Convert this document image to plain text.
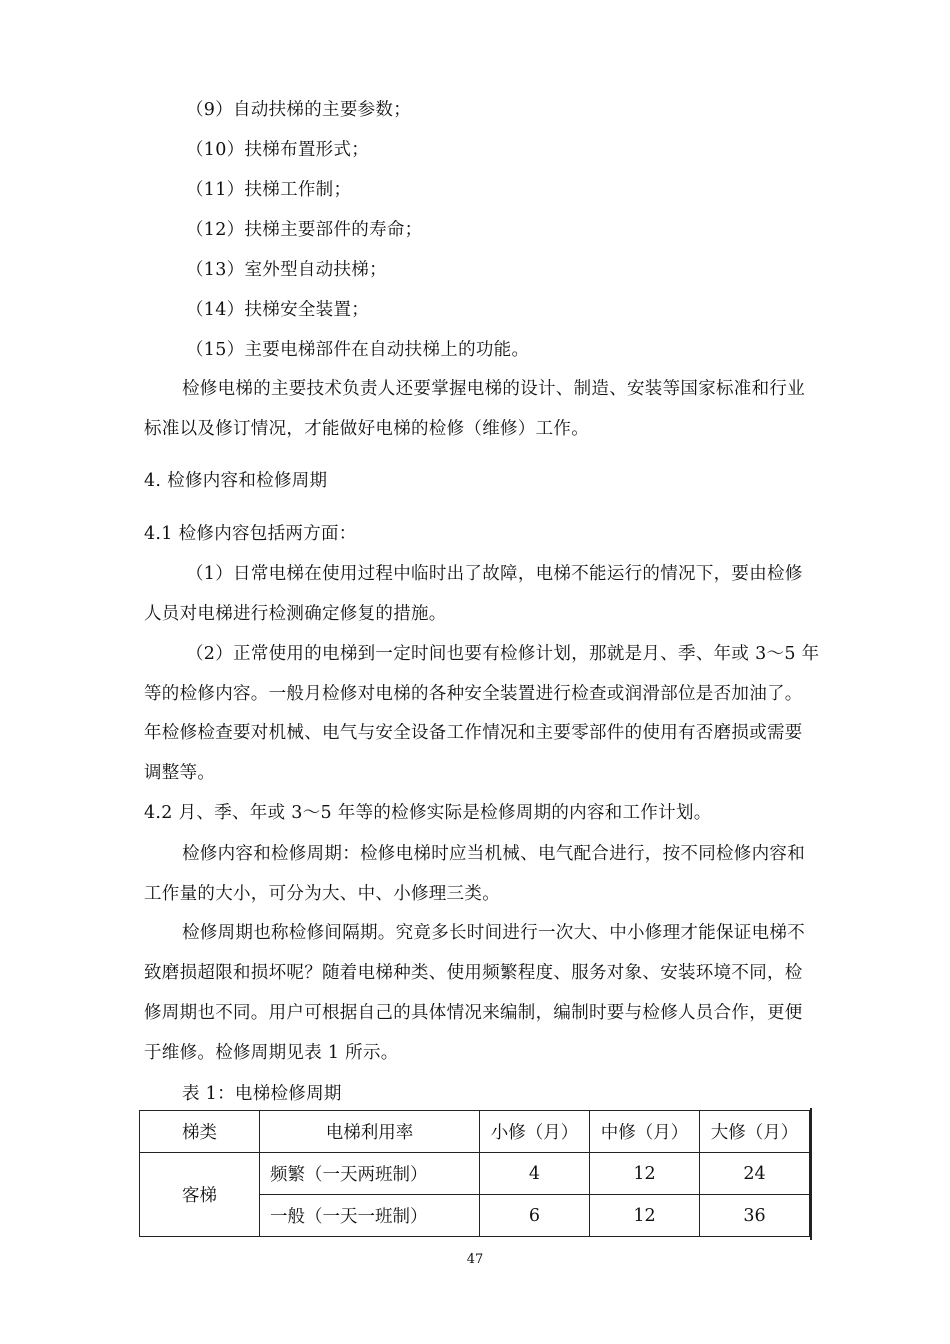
（9）自动扶梯的主要参数；
（10）扶梯布置形式；
（11）扶梯工作制；
（12）扶梯主要部件的寿命；
（13）室外型自动扶梯；
（14）扶梯安全装置；
（15）主要电梯部件在自动扶梯上的功能。
检修电梯的主要技术负责人还要掌握电梯的设计、制造、安装等国家标准和行业
标准以及修订情况，才能做好电梯的检修（维修）工作。
4. 检修内容和检修周期
4.1 检修内容包括两方面：
（1）日常电梯在使用过程中临时出了故障，电梯不能运行的情况下，要由检修
人员对电梯进行检测确定修复的措施。
（2）正常使用的电梯到一定时间也要有检修计划，那就是月、季、年或 3～5 年
等的检修内容。一般月检修对电梯的各种安全装置进行检查或润滑部位是否加油了。
年检修检查要对机械、电气与安全设备工作情况和主要零部件的使用有否磨损或需要
调整等。
4.2 月、季、年或 3～5 年等的检修实际是检修周期的内容和工作计划。
检修内容和检修周期：检修电梯时应当机械、电气配合进行，按不同检修内容和
工作量的大小，可分为大、中、小修理三类。
检修周期也称检修间隔期。究竟多长时间进行一次大、中小修理才能保证电梯不
致磨损超限和损坏呢？随着电梯种类、使用频繁程度、服务对象、安装环境不同，检
修周期也不同。用户可根据自己的具体情况来编制，编制时要与检修人员合作，更便
于维修。检修周期见表 1 所示。
表 1：电梯检修周期
梯类	电梯利用率	小修（月）	中修（月）	大修（月）
客梯	频繁（一天两班制）	4	12	24
	一般（一天一班制）	6	12	36
47
